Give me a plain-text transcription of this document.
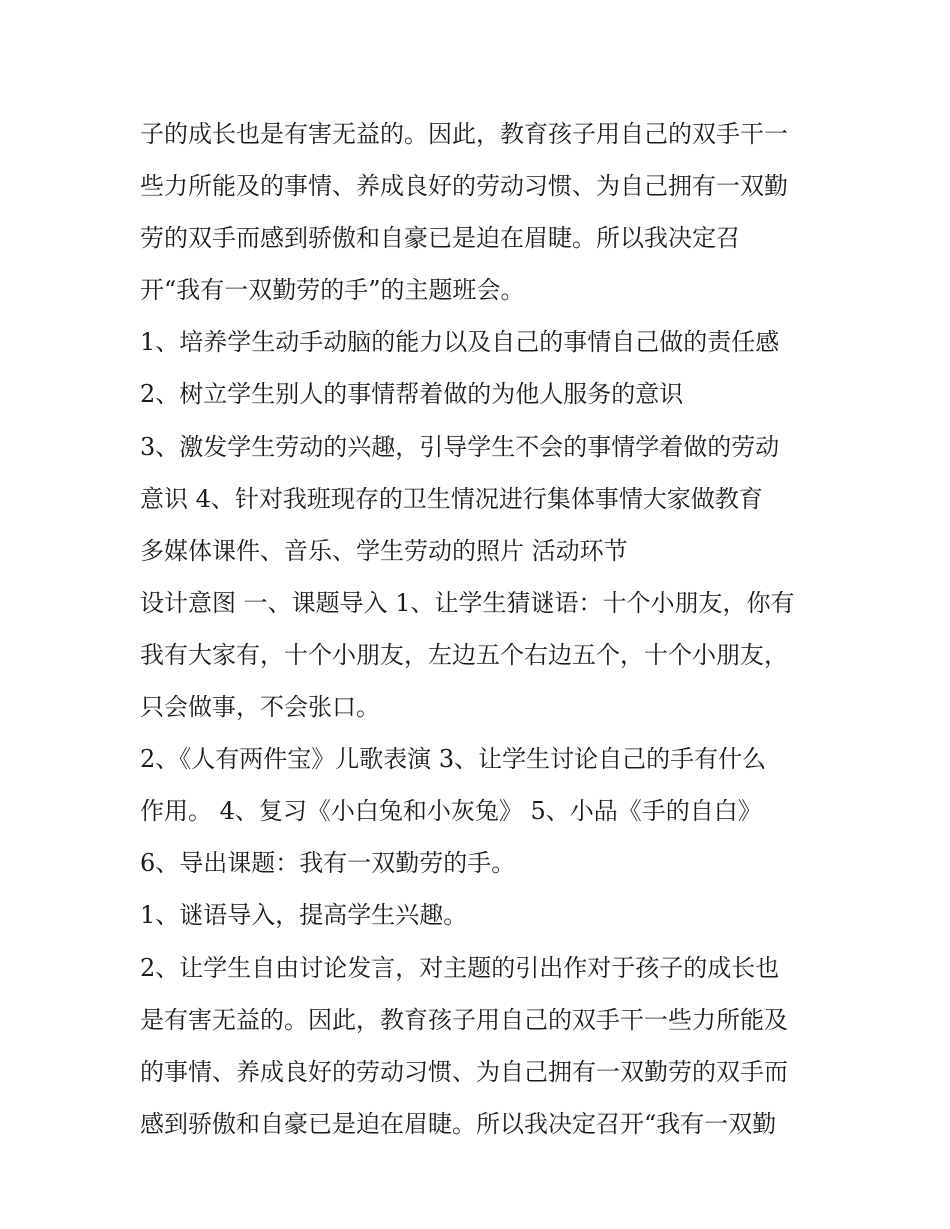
子的成长也是有害无益的。因此，教育孩子用自己的双手干一
些力所能及的事情、养成良好的劳动习惯、为自己拥有一双勤
劳的双手而感到骄傲和自豪已是迫在眉睫。所以我决定召
开“我有一双勤劳的手”的主题班会。
1、培养学生动手动脑的能力以及自己的事情自己做的责任感
2、树立学生别人的事情帮着做的为他人服务的意识
3、激发学生劳动的兴趣，引导学生不会的事情学着做的劳动
意识 4、针对我班现存的卫生情况进行集体事情大家做教育
多媒体课件、音乐、学生劳动的照片 活动环节
设计意图 一、课题导入 1、让学生猜谜语：十个小朋友，你有
我有大家有，十个小朋友，左边五个右边五个，十个小朋友，
只会做事，不会张口。
2、《人有两件宝》儿歌表演 3、让学生讨论自己的手有什么
作用。 4、复习《小白兔和小灰兔》 5、小品《手的自白》
6、导出课题：我有一双勤劳的手。
1、谜语导入，提高学生兴趣。
2、让学生自由讨论发言，对主题的引出作对于孩子的成长也
是有害无益的。因此，教育孩子用自己的双手干一些力所能及
的事情、养成良好的劳动习惯、为自己拥有一双勤劳的双手而
感到骄傲和自豪已是迫在眉睫。所以我决定召开“我有一双勤
